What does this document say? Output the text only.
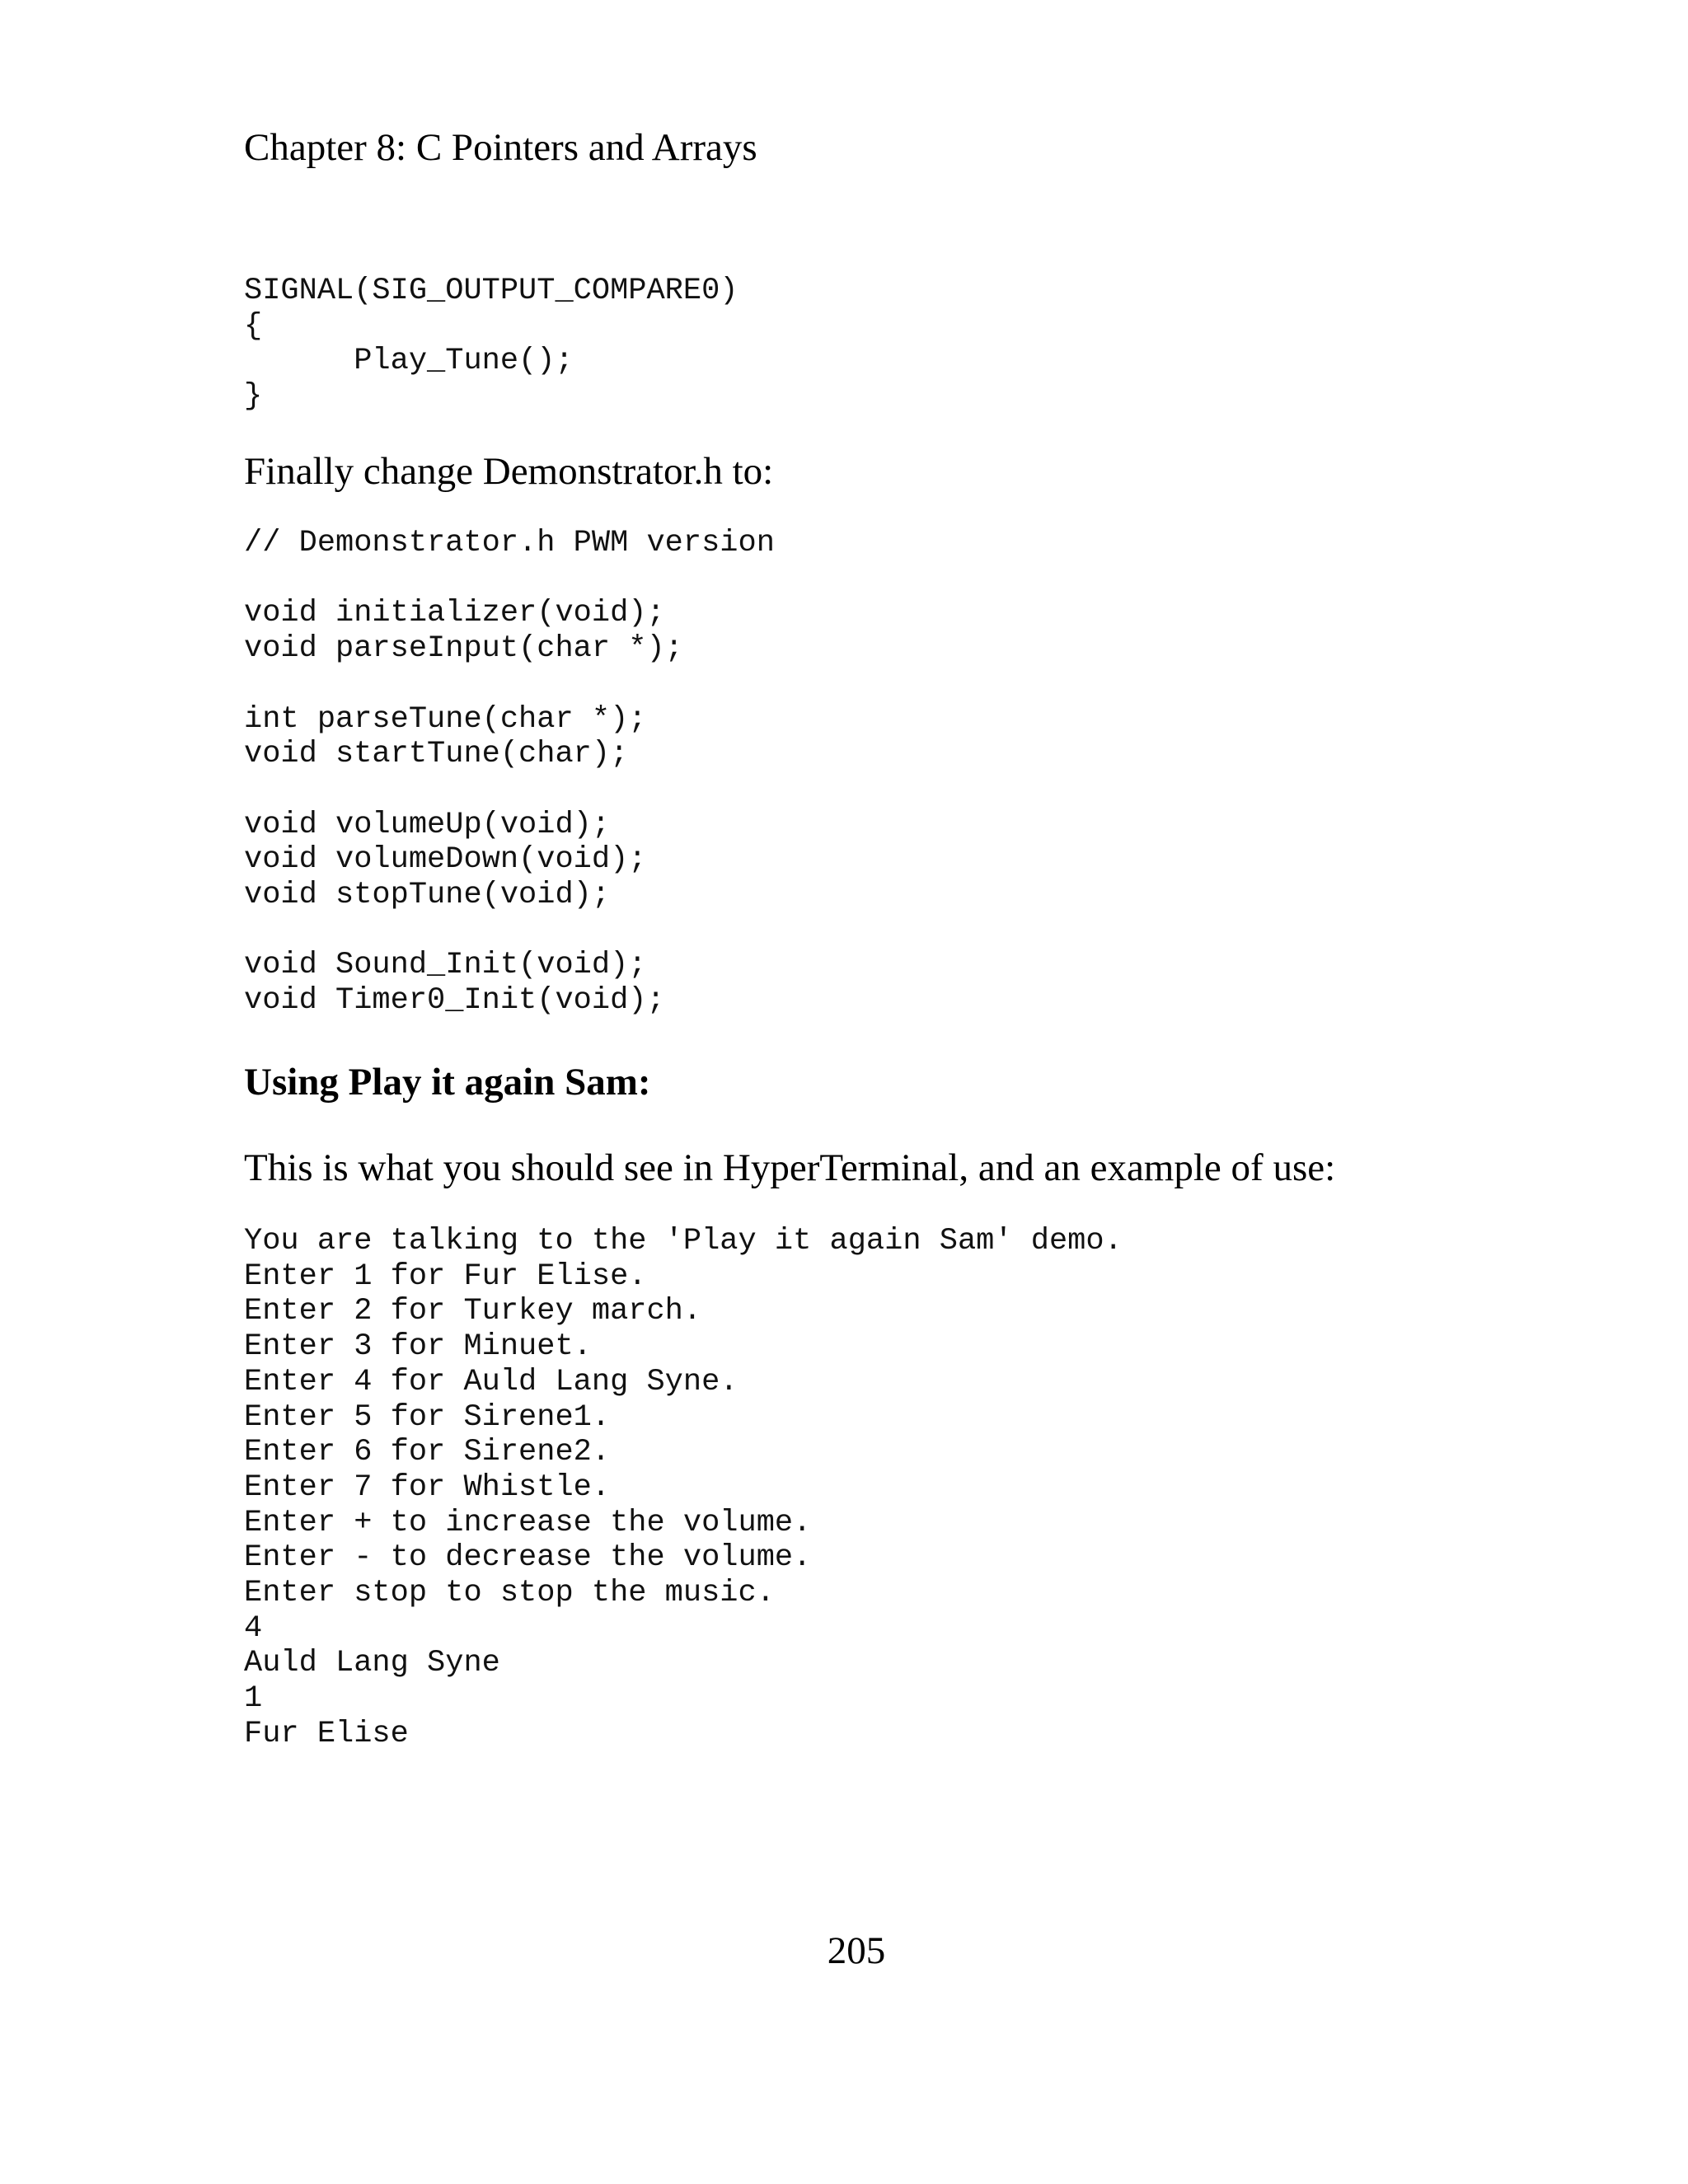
Chapter 8: C Pointers and Arrays
SIGNAL(SIG_OUTPUT_COMPARE0)
{
Play_Tune();
}
Finally change Demonstrator.h to:
// Demonstrator.h PWM version

void initializer(void);
void parseInput(char *);

int parseTune(char *);
void startTune(char);

void volumeUp(void);
void volumeDown(void);
void stopTune(void);

void Sound_Init(void);
void Timer0_Init(void);
Using Play it again Sam:
This is what you should see in HyperTerminal, and an example of use:
You are talking to the 'Play it again Sam' demo.
Enter 1 for Fur Elise.
Enter 2 for Turkey march.
Enter 3 for Minuet.
Enter 4 for Auld Lang Syne.
Enter 5 for Sirene1.
Enter 6 for Sirene2.
Enter 7 for Whistle.
Enter + to increase the volume.
Enter - to decrease the volume.
Enter stop to stop the music.
4
Auld Lang Syne
1
Fur Elise
205
